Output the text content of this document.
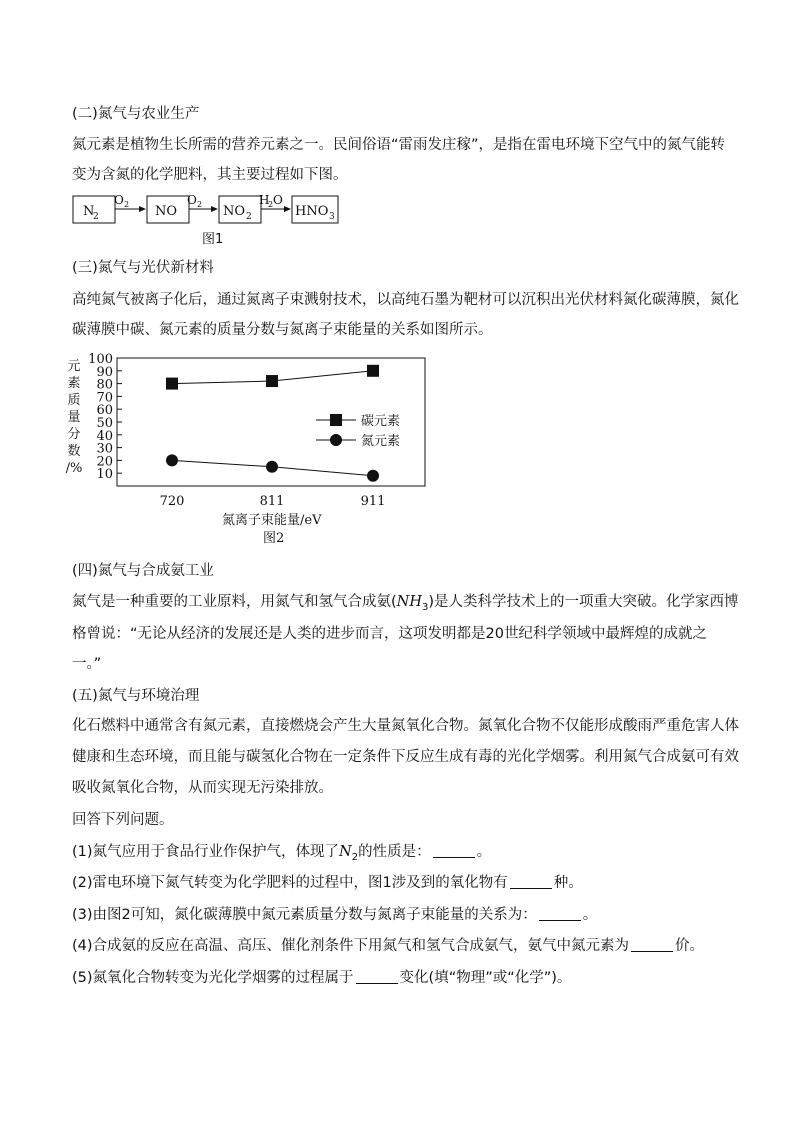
(二)氮气与农业生产
氮元素是植物生长所需的营养元素之一。民间俗语“雷雨发庄稼”，是指在雷电环境下空气中的氮气能转
变为含氮的化学肥料，其主要过程如下图。
N
2
O 2 NO
O 2 NO 2
H
2 O
HNO 3
图1
(三)氮气与光伏新材料
高纯氮气被离子化后，通过氮离子束溅射技术，以高纯石墨为靶材可以沉积出光伏材料氮化碳薄膜，氮化
碳薄膜中碳、氮元素的质量分数与氮离子束能量的关系如图所示。
元
素
质
量
分
数
/% 10
20
30
40
50
60
70
80
90
100
720	811	911
碳元素
氮元素
氮离子束能量/eV
图2
(四)氮气与合成氨工业
氮气是一种重要的工业原料，用氮气和氢气合成氨$(NH_3)$是人类科学技术上的一项重大突破。化学家西博
格曾说：“无论从经济的发展还是人类的进步而言，这项发明都是20世纪科学领域中最辉煌的成就之
一。”
(五)氮气与环境治理
化石燃料中通常含有氮元素，直接燃烧会产生大量氮氧化合物。氮氧化合物不仅能形成酸雨严重危害人体
健康和生态环境，而且能与碳氢化合物在一定条件下反应生成有毒的光化学烟雾。利用氮气合成氨可有效
吸收氮氧化合物，从而实现无污染排放。
回答下列问题。
(1)氮气应用于食品行业作保护气，体现了$N_2$的性质是：	。
(2)雷电环境下氮气转变为化学肥料的过程中，图1涉及到的氧化物有	种。
(3)由图2可知，氮化碳薄膜中氮元素质量分数与氮离子束能量的关系为：	。
(4)合成氨的反应在高温、高压、催化剂条件下用氮气和氢气合成氨气，氨气中氮元素为	价。
(5)氮氧化合物转变为光化学烟雾的过程属于	变化(填“物理”或“化学”)。
